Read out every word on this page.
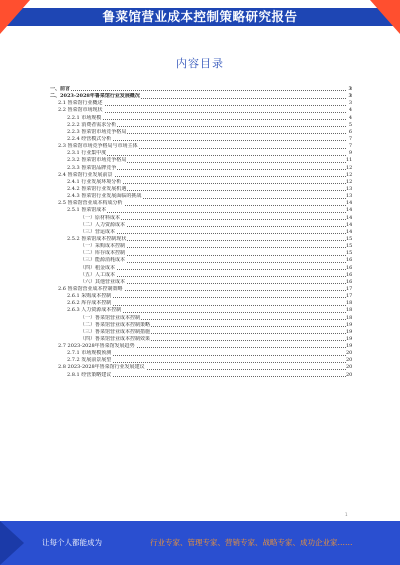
鲁菜馆营业成本控制策略研究报告
内容目录
一、前言	3
二、2023-2028年鲁菜馆行业发展概况	3
2.1 鲁菜馆行业概述	3
2.2 鲁菜馆市场现状	4
2.2.1 市场规模	4
2.2.2 消费者需求分析	5
2.2.3 鲁菜馆市场竞争格局	6
2.2.4 经营模式分析	7
2.3 鲁菜馆市场竞争格局与市场主体	7
2.3.1 行业集中度	9
2.3.2 鲁菜馆市场竞争格局	11
2.3.3 鲁菜馆品牌竞争	12
2.4 鲁菜馆行业发展前景	12
2.4.1 行业发展环境分析	12
2.4.2 鲁菜馆行业发展机遇	13
2.4.3 鲁菜馆行业发展面临的挑战	13
2.5 鲁菜馆营业成本构成分析	14
2.5.1 鲁菜馆成本	14
（一）原材料成本	14
（二）人力资源成本	14
（三）营运成本	14
2.5.2 鲁菜馆成本控制现状	15
（一）采购成本控制	15
（二）库存成本控制	15
（三）能源消耗成本	16
（四）租金成本	16
（五）人工成本	16
（六）其他营业成本	16
2.6 鲁菜馆营业成本控制策略	17
2.6.1 采购成本控制	17
2.6.2 库存成本控制	18
2.6.3 人力资源成本控制	18
（一）鲁菜馆营业成本控制	18
（二）鲁菜馆营业成本控制策略	19
（三）鲁菜馆营业成本控制措施	19
（四）鲁菜馆营业成本控制效果	19
2.7 2023-2028年鲁菜馆发展趋势	19
2.7.1 市场规模预测	20
2.7.2 发展前景展望	20
2.8 2023-2028年鲁菜馆行业发展建议	20
2.8.1 经营策略建议	20
1
让每个人都能成为	行业专家、管理专家、营销专家、战略专家、成功企业家……
